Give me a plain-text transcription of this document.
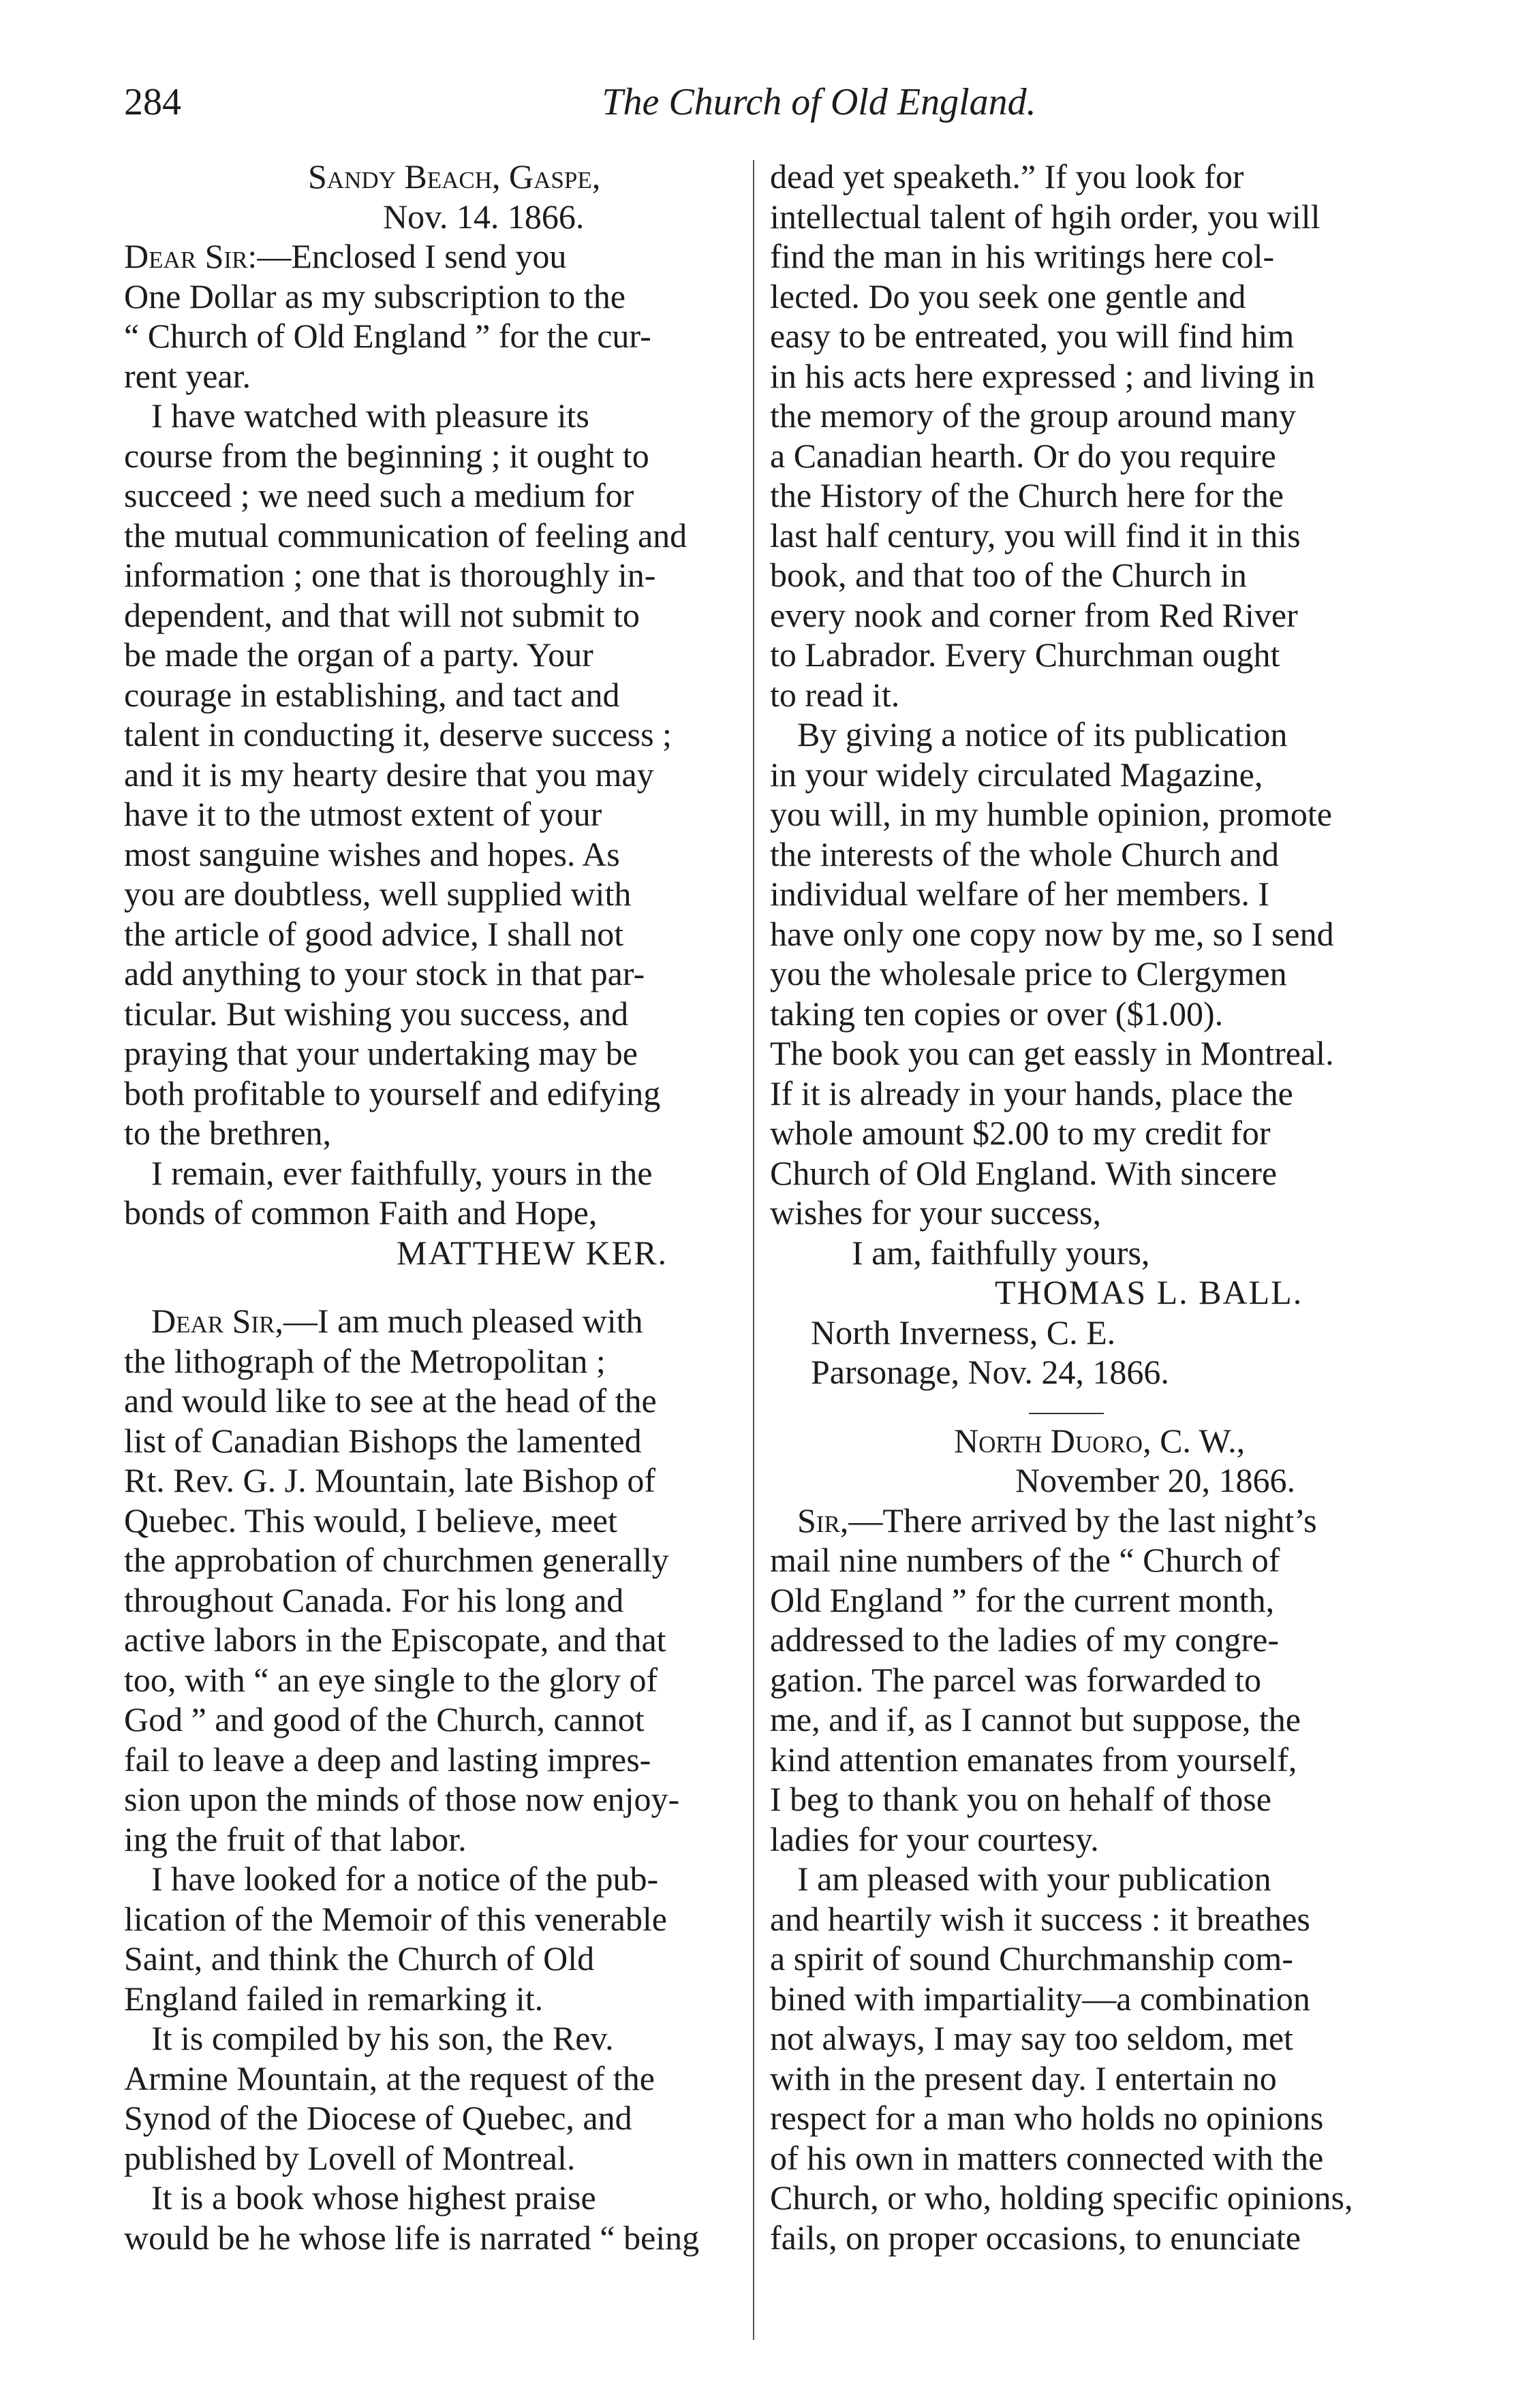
284	The Church of Old England.
Sandy Beach, Gaspe,
Nov. 14. 1866.
Dear Sir:—Enclosed I send you
One Dollar as my subscription to the
“ Church of Old England ” for the cur-
rent year.
I have watched with pleasure its
course from the beginning ; it ought to
succeed ; we need such a medium for
the mutual communication of feeling and
information ; one that is thoroughly in-
dependent, and that will not submit to
be made the organ of a party. Your
courage in establishing, and tact and
talent in conducting it, deserve success ;
and it is my hearty desire that you may
have it to the utmost extent of your
most sanguine wishes and hopes. As
you are doubtless, well supplied with
the article of good advice, I shall not
add anything to your stock in that par-
ticular. But wishing you success, and
praying that your undertaking may be
both profitable to yourself and edifying
to the brethren,
I remain, ever faithfully, yours in the
bonds of common Faith and Hope,
MATTHEW KER.
Dear Sir,—I am much pleased with
the lithograph of the Metropolitan ;
and would like to see at the head of the
list of Canadian Bishops the lamented
Rt. Rev. G. J. Mountain, late Bishop of
Quebec. This would, I believe, meet
the approbation of churchmen generally
throughout Canada. For his long and
active labors in the Episcopate, and that
too, with “ an eye single to the glory of
God ” and good of the Church, cannot
fail to leave a deep and lasting impres-
sion upon the minds of those now enjoy-
ing the fruit of that labor.
I have looked for a notice of the pub-
lication of the Memoir of this venerable
Saint, and think the Church of Old
England failed in remarking it.
It is compiled by his son, the Rev.
Armine Mountain, at the request of the
Synod of the Diocese of Quebec, and
published by Lovell of Montreal.
It is a book whose highest praise
would be he whose life is narrated “ being
dead yet speaketh.” If you look for
intellectual talent of hgih order, you will
find the man in his writings here col-
lected. Do you seek one gentle and
easy to be entreated, you will find him
in his acts here expressed ; and living in
the memory of the group around many
a Canadian hearth. Or do you require
the History of the Church here for the
last half century, you will find it in this
book, and that too of the Church in
every nook and corner from Red River
to Labrador. Every Churchman ought
to read it.
By giving a notice of its publication
in your widely circulated Magazine,
you will, in my humble opinion, promote
the interests of the whole Church and
individual welfare of her members. I
have only one copy now by me, so I send
you the wholesale price to Clergymen
taking ten copies or over ($1.00).
The book you can get eassly in Montreal.
If it is already in your hands, place the
whole amount $2.00 to my credit for
Church of Old England. With sincere
wishes for your success,
I am, faithfully yours,
THOMAS L. BALL.
North Inverness, C. E.
Parsonage, Nov. 24, 1866.
North Duoro, C. W.,
November 20, 1866.
Sir,—There arrived by the last night’s
mail nine numbers of the “ Church of
Old England ” for the current month,
addressed to the ladies of my congre-
gation. The parcel was forwarded to
me, and if, as I cannot but suppose, the
kind attention emanates from yourself,
I beg to thank you on hehalf of those
ladies for your courtesy.
I am pleased with your publication
and heartily wish it success : it breathes
a spirit of sound Churchmanship com-
bined with impartiality—a combination
not always, I may say too seldom, met
with in the present day. I entertain no
respect for a man who holds no opinions
of his own in matters connected with the
Church, or who, holding specific opinions,
fails, on proper occasions, to enunciate
